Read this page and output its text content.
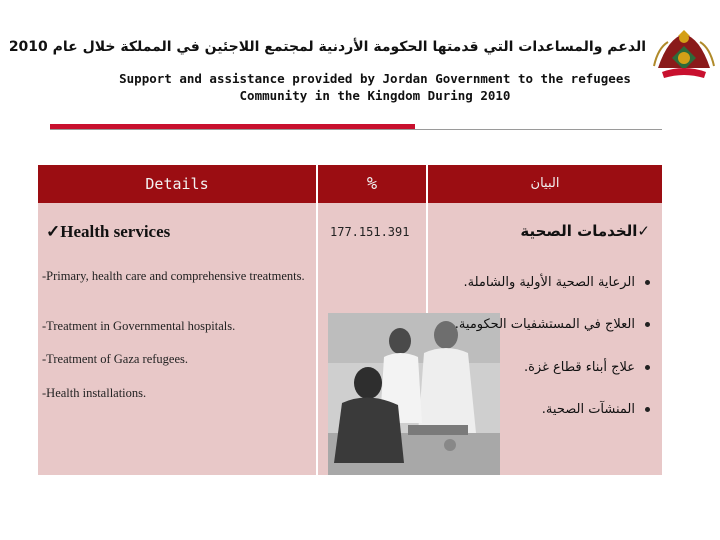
الدعم والمساعدات التي قدمتها الحكومة الأردنية لمجتمع اللاجئين في المملكة خلال عام 2010
Support and assistance provided by Jordan Government to the refugees
Community in the Kingdom During 2010
Details	%	البيان
✓Health services	177.151.391	✓الخدمات الصحية
-Primary, health care and comprehensive treatments.
-Treatment in Governmental hospitals.
-Treatment of Gaza refugees.
-Health installations.
الرعاية الصحية الأولية والشاملة.
العلاج في المستشفيات الحكومية.
علاج أبناء قطاع غزة.
المنشآت الصحية.
